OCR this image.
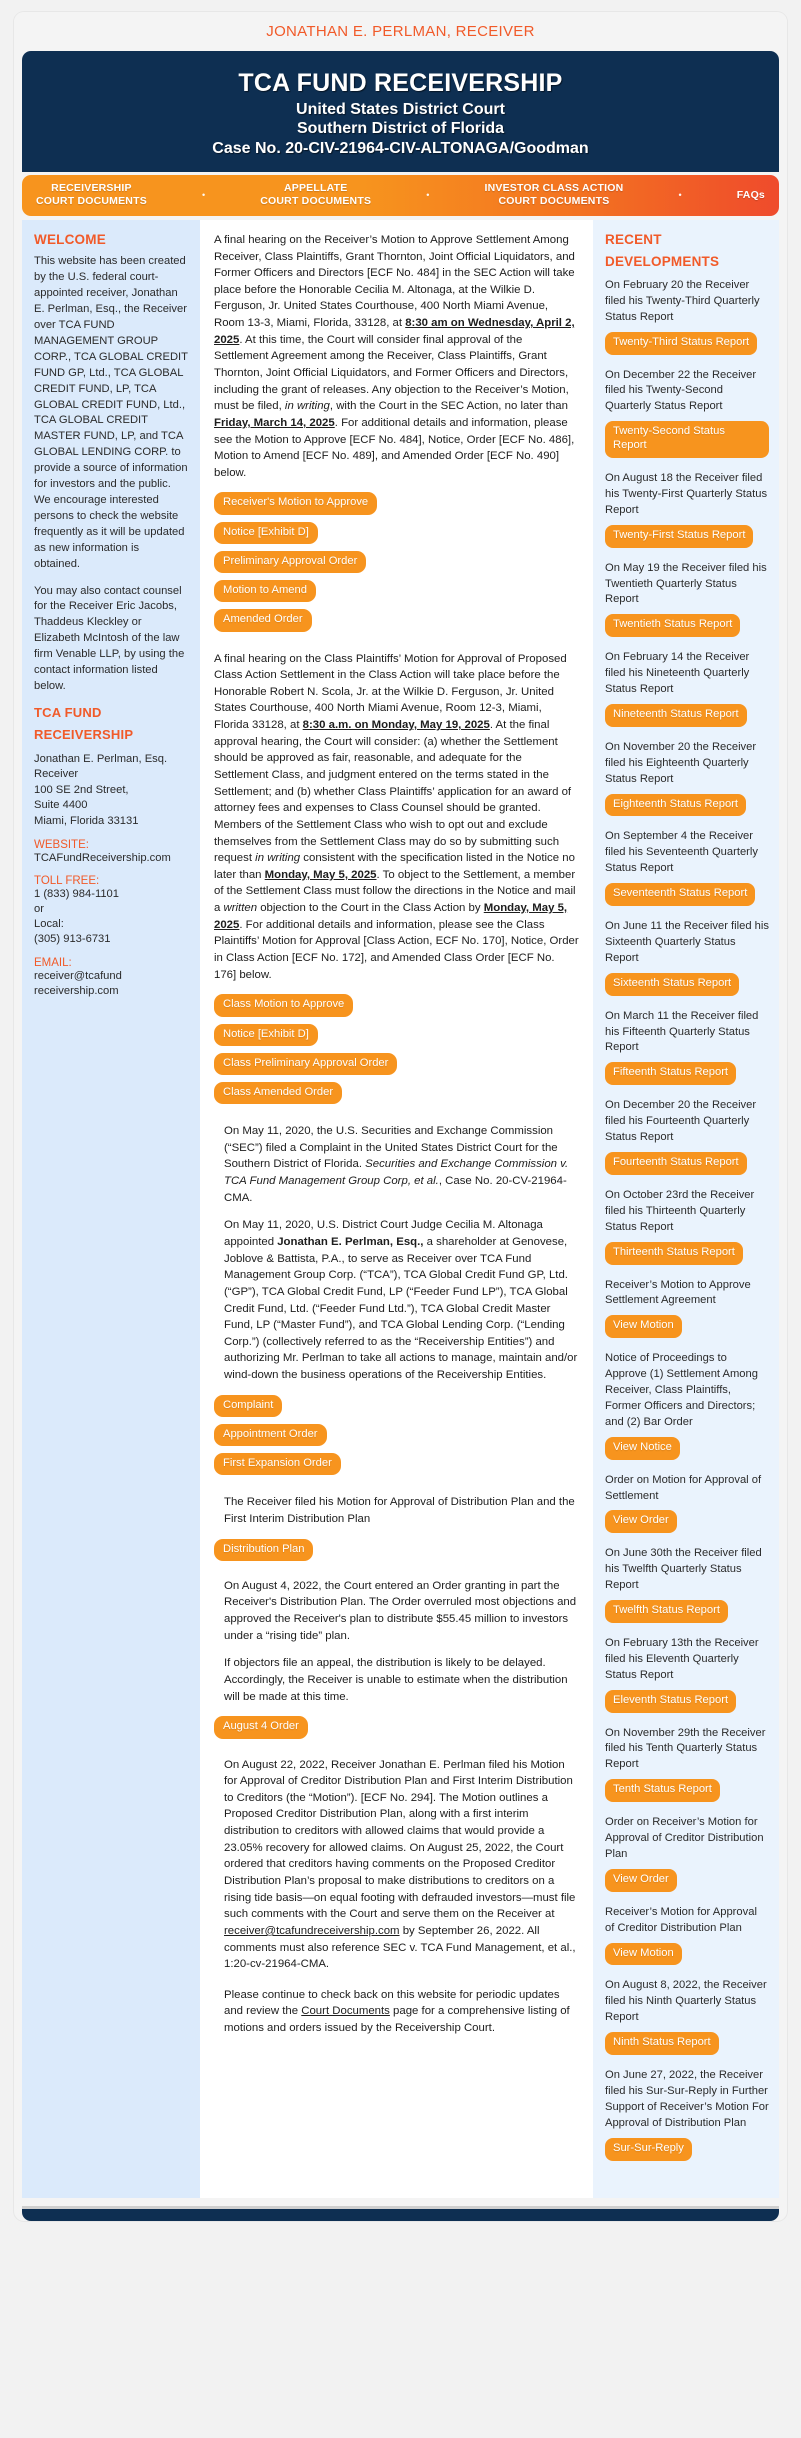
JONATHAN E. PERLMAN, RECEIVER
TCA FUND RECEIVERSHIP
United States District Court
Southern District of Florida
Case No. 20-CIV-21964-CIV-ALTONAGA/Goodman
RECEIVERSHIP
COURT DOCUMENTS
•
APPELLATE
COURT DOCUMENTS
•
INVESTOR CLASS ACTION
COURT DOCUMENTS
•	FAQs
WELCOME
This website has been created by the U.S. federal court-appointed receiver, Jonathan E. Perlman, Esq., the Receiver over TCA FUND MANAGEMENT GROUP CORP., TCA GLOBAL CREDIT FUND GP, Ltd., TCA GLOBAL CREDIT FUND, LP, TCA GLOBAL CREDIT FUND, Ltd., TCA GLOBAL CREDIT MASTER FUND, LP, and TCA GLOBAL LENDING CORP. to provide a source of information for investors and the public. We encourage interested persons to check the website frequently as it will be updated as new information is obtained.
You may also contact counsel for the Receiver Eric Jacobs, Thaddeus Kleckley or Elizabeth McIntosh of the law firm Venable LLP, by using the contact information listed below.
TCA FUND
RECEIVERSHIP
Jonathan E. Perlman, Esq.
Receiver
100 SE 2nd Street,
Suite 4400
Miami, Florida 33131
WEBSITE:
TCAFundReceivership.com
TOLL FREE:
1 (833) 984-1101
or
Local:
(305) 913-6731
EMAIL:
receiver@tcafund
receivership.com

A final hearing on the Receiver’s Motion to Approve Settlement Among Receiver, Class Plaintiffs, Grant Thornton, Joint Official Liquidators, and Former Officers and Directors [ECF No. 484] in the SEC Action will take place before the Honorable Cecilia M. Altonaga, at the Wilkie D. Ferguson, Jr. United States Courthouse, 400 North Miami Avenue, Room 13-3, Miami, Florida, 33128, at 8:30 am on Wednesday, April 2, 2025. At this time, the Court will consider final approval of the Settlement Agreement among the Receiver, Class Plaintiffs, Grant Thornton, Joint Official Liquidators, and Former Officers and Directors, including the grant of releases. Any objection to the Receiver’s Motion, must be filed, in writing, with the Court in the SEC Action, no later than Friday, March 14, 2025. For additional details and information, please see the Motion to Approve [ECF No. 484], Notice, Order [ECF No. 486], Motion to Amend [ECF No. 489], and Amended Order [ECF No. 490] below.

Receiver's Motion to Approve
Notice [Exhibit D]
Preliminary Approval Order
Motion to Amend
Amended Order

A final hearing on the Class Plaintiffs’ Motion for Approval of Proposed Class Action Settlement in the Class Action will take place before the Honorable Robert N. Scola, Jr. at the Wilkie D. Ferguson, Jr. United States Courthouse, 400 North Miami Avenue, Room 12-3, Miami, Florida 33128, at 8:30 a.m. on Monday, May 19, 2025. At the final approval hearing, the Court will consider: (a) whether the Settlement should be approved as fair, reasonable, and adequate for the Settlement Class, and judgment entered on the terms stated in the Settlement; and (b) whether Class Plaintiffs’ application for an award of attorney fees and expenses to Class Counsel should be granted. Members of the Settlement Class who wish to opt out and exclude themselves from the Settlement Class may do so by submitting such request in writing consistent with the specification listed in the Notice no later than Monday, May 5, 2025. To object to the Settlement, a member of the Settlement Class must follow the directions in the Notice and mail a written objection to the Court in the Class Action by Monday, May 5, 2025. For additional details and information, please see the Class Plaintiffs’ Motion for Approval [Class Action, ECF No. 170], Notice, Order in Class Action [ECF No. 172], and Amended Class Order [ECF No. 176] below.

Class Motion to Approve
Notice [Exhibit D]
Class Preliminary Approval Order
Class Amended Order

On May 11, 2020, the U.S. Securities and Exchange Commission (“SEC”) filed a Complaint in the United States District Court for the Southern District of Florida. Securities and Exchange Commission v. TCA Fund Management Group Corp, et al., Case No. 20-CV-21964-CMA.

On May 11, 2020, U.S. District Court Judge Cecilia M. Altonaga appointed Jonathan E. Perlman, Esq., a shareholder at Genovese, Joblove & Battista, P.A., to serve as Receiver over TCA Fund Management Group Corp. (“TCA”), TCA Global Credit Fund GP, Ltd. (“GP”), TCA Global Credit Fund, LP (“Feeder Fund LP”), TCA Global Credit Fund, Ltd. (“Feeder Fund Ltd.”), TCA Global Credit Master Fund, LP (“Master Fund”), and TCA Global Lending Corp. (“Lending Corp.”) (collectively referred to as the “Receivership Entities”) and authorizing Mr. Perlman to take all actions to manage, maintain and/or wind-down the business operations of the Receivership Entities.

Complaint
Appointment Order
First Expansion Order

The Receiver filed his Motion for Approval of Distribution Plan and the First Interim Distribution Plan

Distribution Plan

On August 4, 2022, the Court entered an Order granting in part the Receiver's Distribution Plan. The Order overruled most objections and approved the Receiver's plan to distribute $55.45 million to investors under a “rising tide” plan.

If objectors file an appeal, the distribution is likely to be delayed. Accordingly, the Receiver is unable to estimate when the distribution will be made at this time.

August 4 Order

On August 22, 2022, Receiver Jonathan E. Perlman filed his Motion for Approval of Creditor Distribution Plan and First Interim Distribution to Creditors (the “Motion”). [ECF No. 294]. The Motion outlines a Proposed Creditor Distribution Plan, along with a first interim distribution to creditors with allowed claims that would provide a 23.05% recovery for allowed claims. On August 25, 2022, the Court ordered that creditors having comments on the Proposed Creditor Distribution Plan’s proposal to make distributions to creditors on a rising tide basis—on equal footing with defrauded investors—must file such comments with the Court and serve them on the Receiver at receiver@tcafundreceivership.com by September 26, 2022. All comments must also reference SEC v. TCA Fund Management, et al., 1:20-cv-21964-CMA.

Please continue to check back on this website for periodic updates and review the Court Documents page for a comprehensive listing of motions and orders issued by the Receivership Court.

RECENT
DEVELOPMENTS
On February 20 the Receiver filed his Twenty-Third Quarterly Status Report
Twenty-Third Status Report
On December 22 the Receiver filed his Twenty-Second Quarterly Status Report
Twenty-Second Status Report
On August 18 the Receiver filed his Twenty-First Quarterly Status Report
Twenty-First Status Report
On May 19 the Receiver filed his Twentieth Quarterly Status Report
Twentieth Status Report
On February 14 the Receiver filed his Nineteenth Quarterly Status Report
Nineteenth Status Report
On November 20 the Receiver filed his Eighteenth Quarterly Status Report
Eighteenth Status Report
On September 4 the Receiver filed his Seventeenth Quarterly Status Report
Seventeenth Status Report
On June 11 the Receiver filed his Sixteenth Quarterly Status Report
Sixteenth Status Report
On March 11 the Receiver filed his Fifteenth Quarterly Status Report
Fifteenth Status Report
On December 20 the Receiver filed his Fourteenth Quarterly Status Report
Fourteenth Status Report
On October 23rd the Receiver filed his Thirteenth Quarterly Status Report
Thirteenth Status Report
Receiver’s Motion to Approve Settlement Agreement
View Motion
Notice of Proceedings to Approve (1) Settlement Among Receiver, Class Plaintiffs, Former Officers and Directors; and (2) Bar Order
View Notice
Order on Motion for Approval of Settlement
View Order
On June 30th the Receiver filed his Twelfth Quarterly Status Report
Twelfth Status Report
On February 13th the Receiver filed his Eleventh Quarterly Status Report
Eleventh Status Report
On November 29th the Receiver filed his Tenth Quarterly Status Report
Tenth Status Report
Order on Receiver’s Motion for Approval of Creditor Distribution Plan
View Order
Receiver’s Motion for Approval of Creditor Distribution Plan
View Motion
On August 8, 2022, the Receiver filed his Ninth Quarterly Status Report
Ninth Status Report
On June 27, 2022, the Receiver filed his Sur-Sur-Reply in Further Support of Receiver’s Motion For Approval of Distribution Plan
Sur-Sur-Reply
